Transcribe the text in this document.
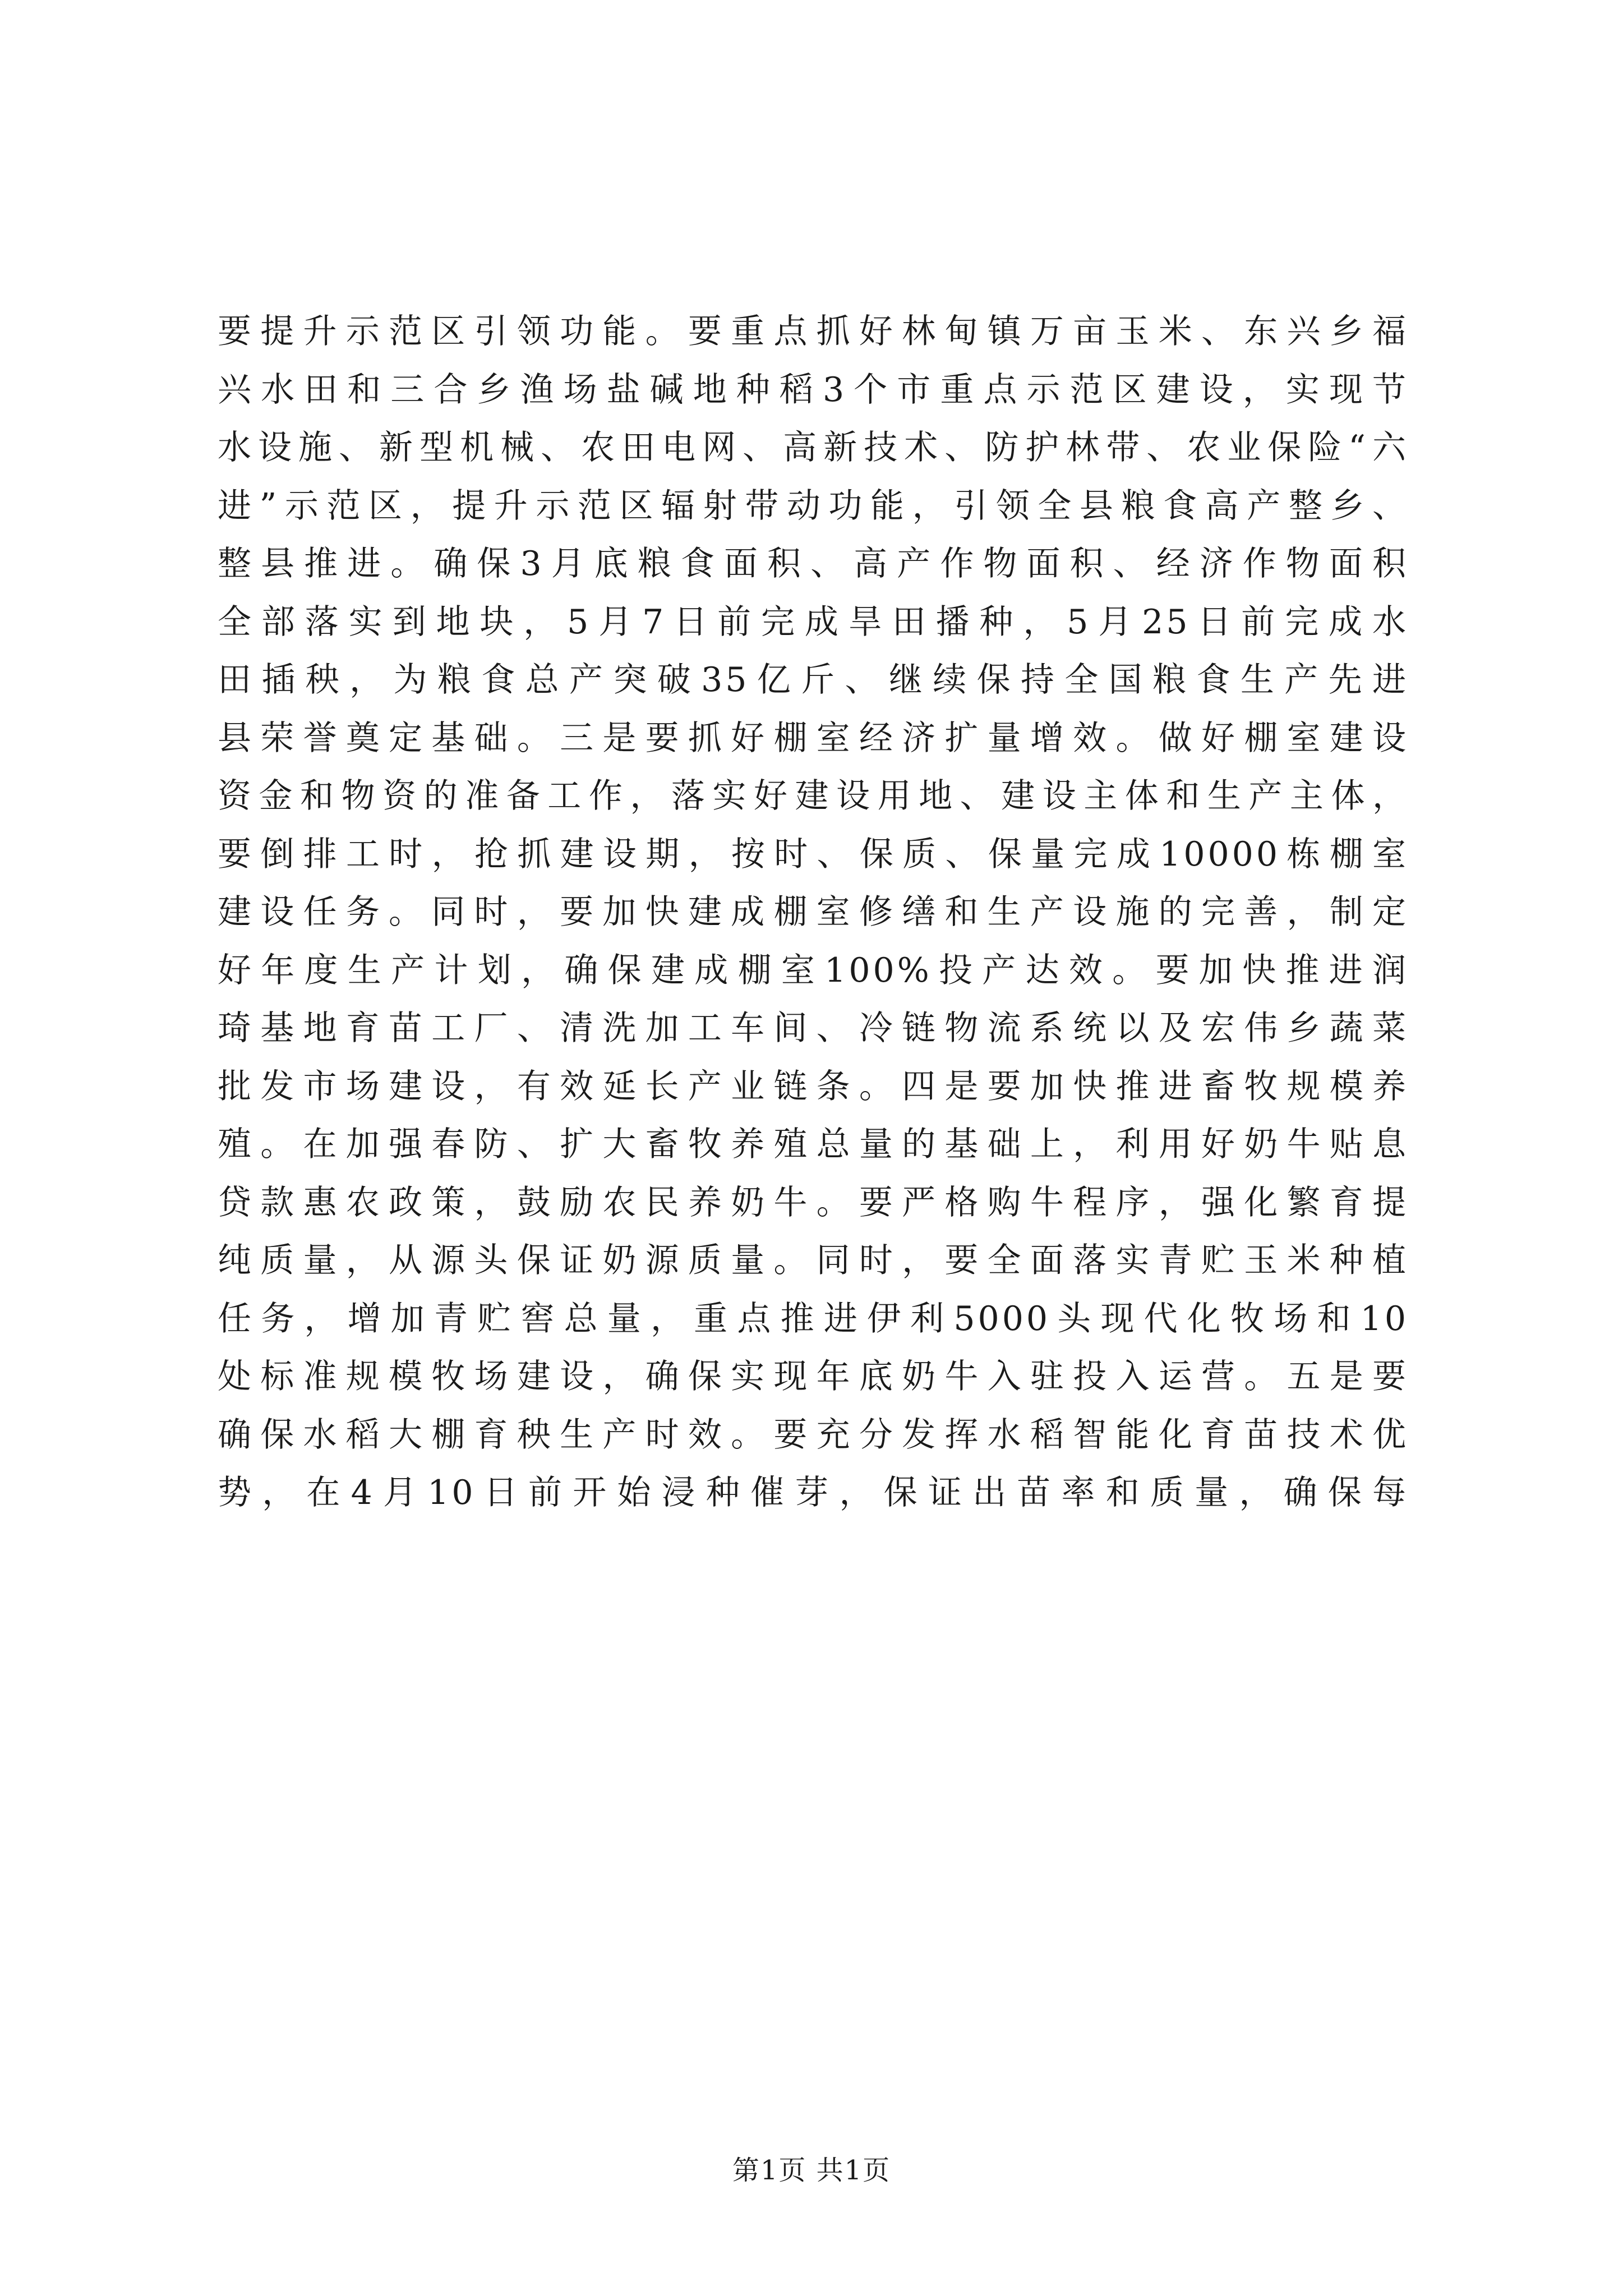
要提升示范区引领功能。要重点抓好林甸镇万亩玉米、东兴乡福
兴水田和三合乡渔场盐碱地种稻3个市重点示范区建设，实现节
水设施、新型机械、农田电网、高新技术、防护林带、农业保险“六
进”示范区，提升示范区辐射带动功能，引领全县粮食高产整乡、
整县推进。确保3月底粮食面积、高产作物面积、经济作物面积
全部落实到地块，5月7日前完成旱田播种，5月25日前完成水
田插秧，为粮食总产突破35亿斤、继续保持全国粮食生产先进
县荣誉奠定基础。三是要抓好棚室经济扩量增效。做好棚室建设
资金和物资的准备工作，落实好建设用地、建设主体和生产主体，
要倒排工时，抢抓建设期，按时、保质、保量完成10000栋棚室
建设任务。同时，要加快建成棚室修缮和生产设施的完善，制定
好年度生产计划，确保建成棚室100%投产达效。要加快推进润
琦基地育苗工厂、清洗加工车间、冷链物流系统以及宏伟乡蔬菜
批发市场建设，有效延长产业链条。四是要加快推进畜牧规模养
殖。在加强春防、扩大畜牧养殖总量的基础上，利用好奶牛贴息
贷款惠农政策，鼓励农民养奶牛。要严格购牛程序，强化繁育提
纯质量，从源头保证奶源质量。同时，要全面落实青贮玉米种植
任务，增加青贮窖总量，重点推进伊利5000头现代化牧场和10
处标准规模牧场建设，确保实现年底奶牛入驻投入运营。五是要
确保水稻大棚育秧生产时效。要充分发挥水稻智能化育苗技术优
势，在4月10日前开始浸种催芽，保证出苗率和质量，确保每
第1页 共1页
